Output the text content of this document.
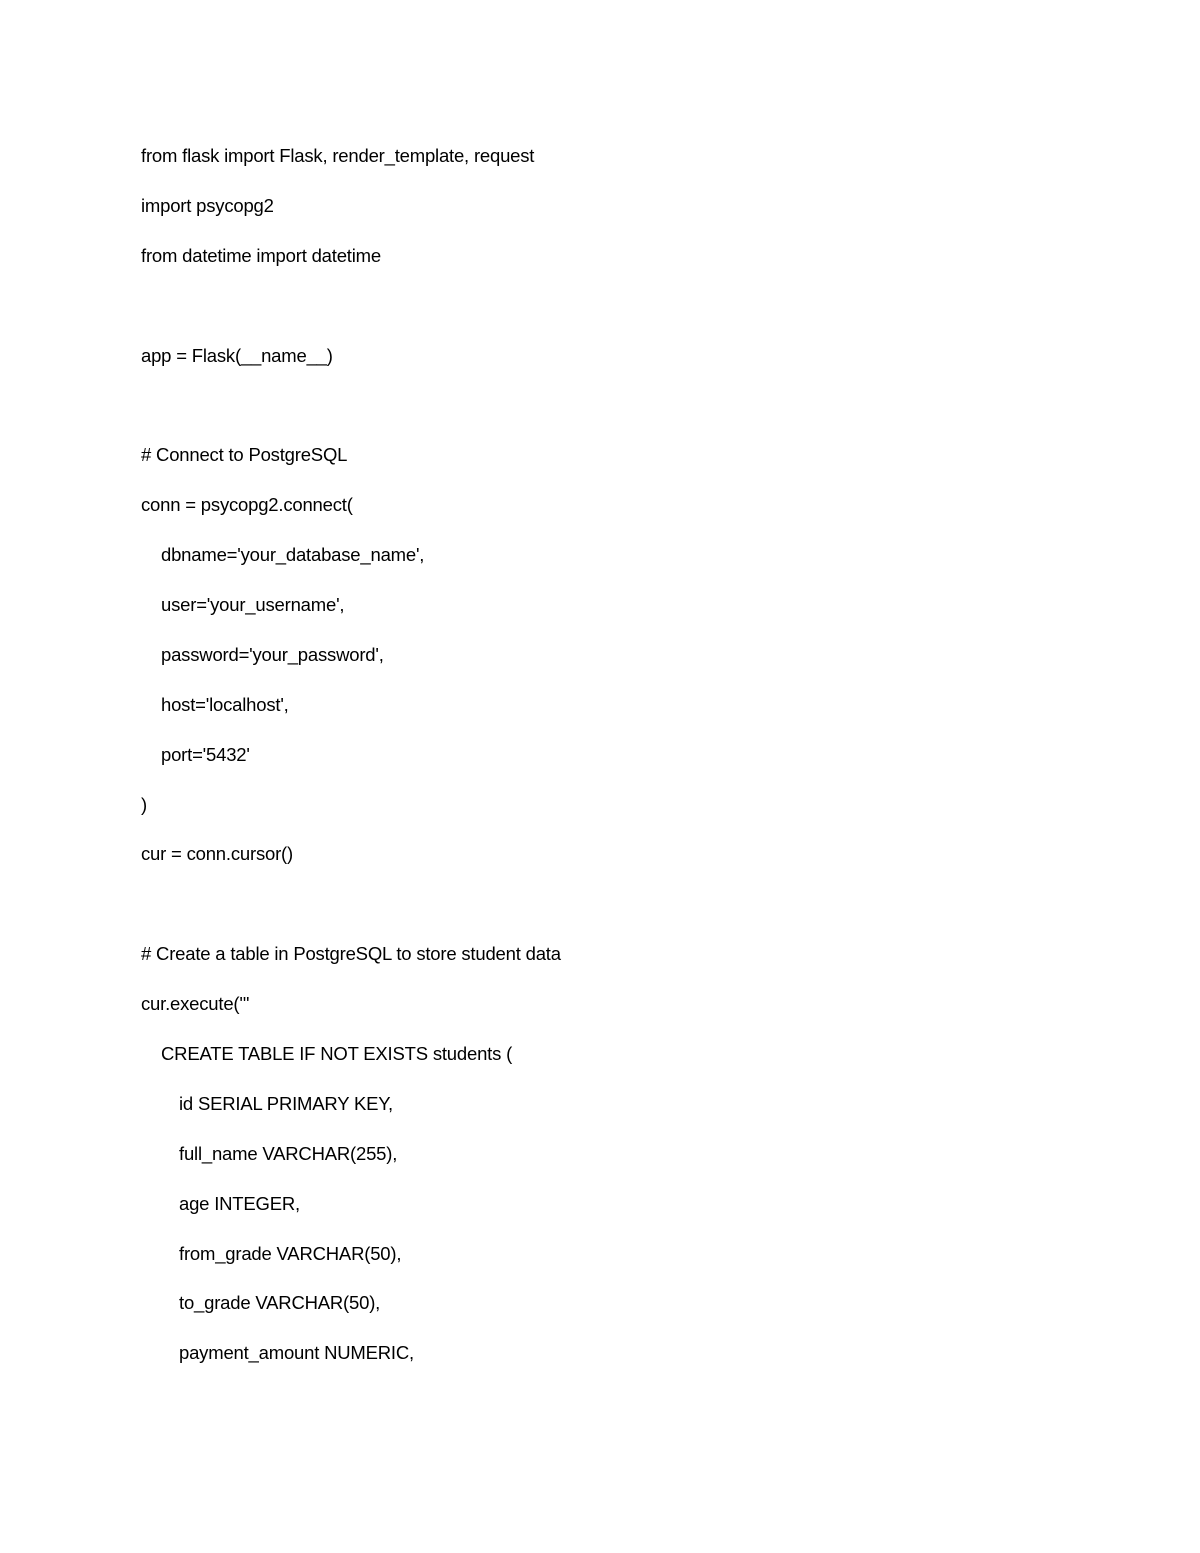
from flask import Flask, render_template, request
import psycopg2
from datetime import datetime
app = Flask(__name__)
# Connect to PostgreSQL
conn = psycopg2.connect(
dbname='your_database_name',
user='your_username',
password='your_password',
host='localhost',
port='5432'
)
cur = conn.cursor()
# Create a table in PostgreSQL to store student data
cur.execute('''
CREATE TABLE IF NOT EXISTS students (
id SERIAL PRIMARY KEY,
full_name VARCHAR(255),
age INTEGER,
from_grade VARCHAR(50),
to_grade VARCHAR(50),
payment_amount NUMERIC,
